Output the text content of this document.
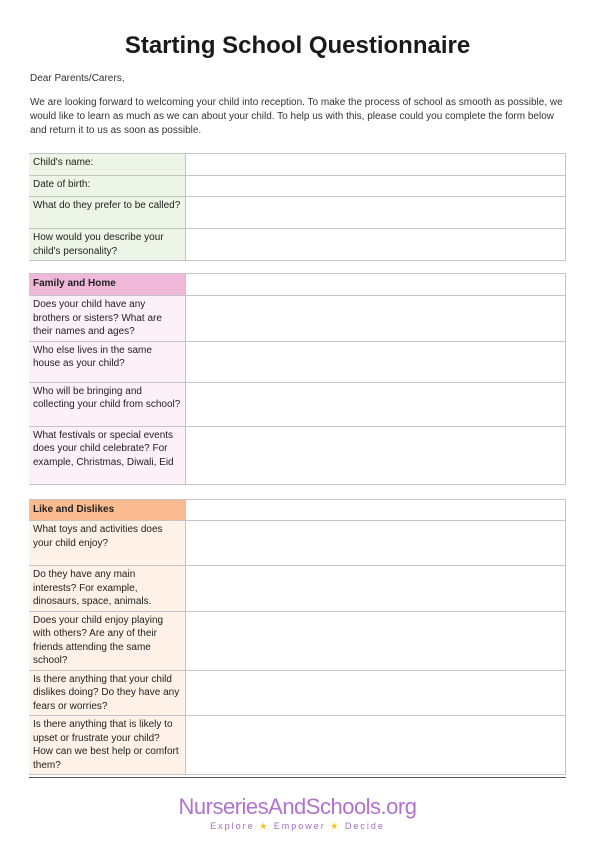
Starting School Questionnaire
Dear Parents/Carers,
We are looking forward to welcoming your child into reception. To make the process of school as smooth as possible, we would like to learn as much as we can about your child. To help us with this, please could you complete the form below and return it to us as soon as possible.
Child's name:	
Date of birth:	
What do they prefer to be called?	
How would you describe your child's personality?	
Family and Home	
Does your child have any brothers or sisters? What are their names and ages?	
Who else lives in the same house as your child?	
Who will be bringing and collecting your child from school?	
What festivals or special events does your child celebrate? For example, Christmas, Diwali, Eid	
Like and Dislikes	
What toys and activities does your child enjoy?	
Do they have any main interests? For example, dinosaurs, space, animals.	
Does your child enjoy playing with others? Are any of their friends attending the same school?	
Is there anything that your child dislikes doing? Do they have any fears or worries?	
Is there anything that is likely to upset or frustrate your child? How can we best help or comfort them?	
NurseriesAndSchools.org
Explore ★ Empower ★ Decide
